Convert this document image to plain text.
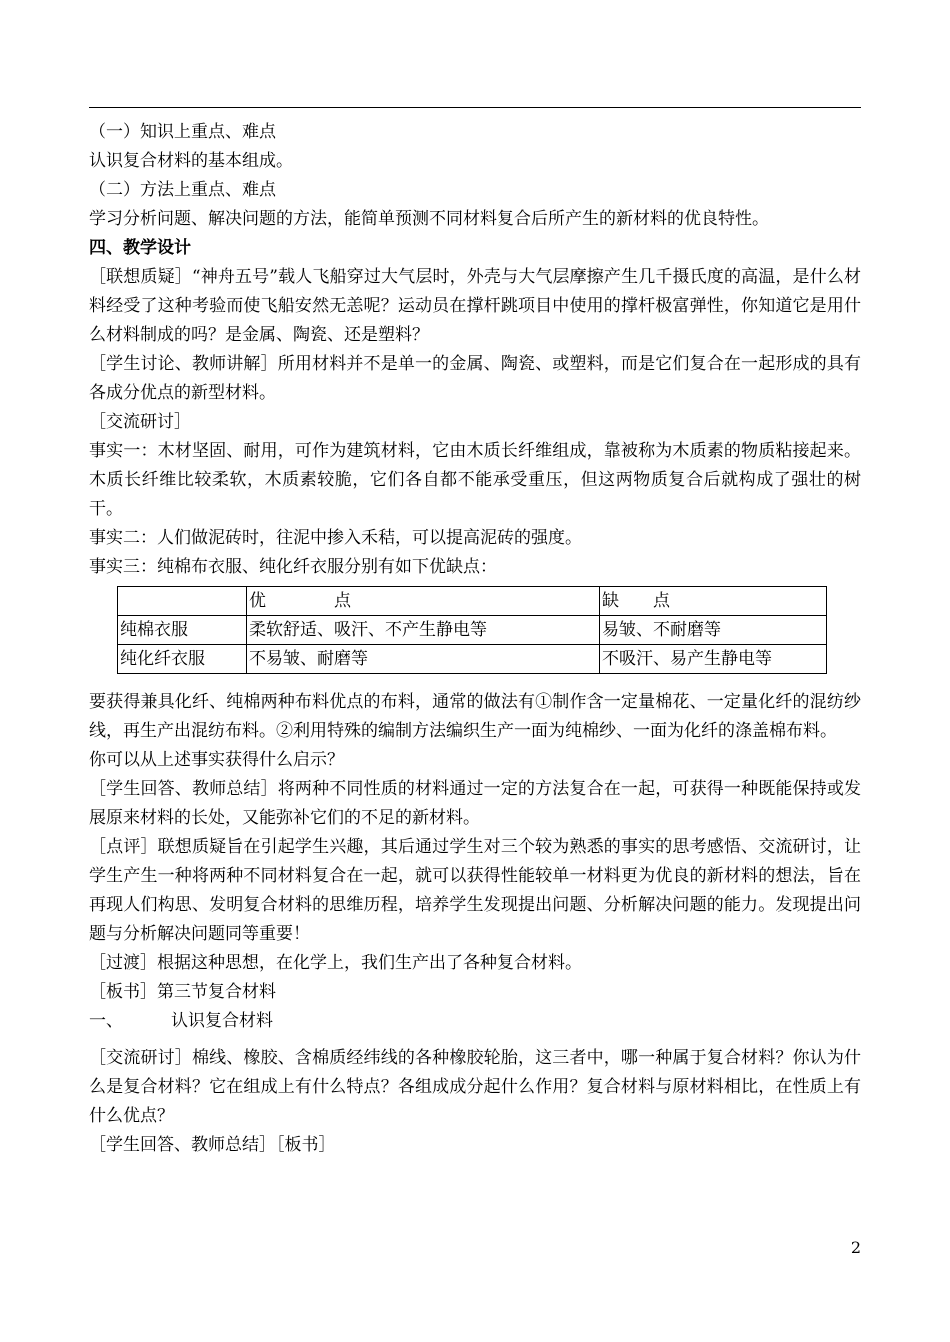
（一）知识上重点、难点

认识复合材料的基本组成。

（二）方法上重点、难点

学习分析问题、解决问题的方法，能简单预测不同材料复合后所产生的新材料的优良特性。

四、教学设计

［联想质疑］“神舟五号”载人飞船穿过大气层时，外壳与大气层摩擦产生几千摄氏度的高温，是什么材料经受了这种考验而使飞船安然无恙呢？运动员在撑杆跳项目中使用的撑杆极富弹性，你知道它是用什么材料制成的吗？是金属、陶瓷、还是塑料？

［学生讨论、教师讲解］所用材料并不是单一的金属、陶瓷、或塑料，而是它们复合在一起形成的具有各成分优点的新型材料。

［交流研讨］

事实一：木材坚固、耐用，可作为建筑材料，它由木质长纤维组成，靠被称为木质素的物质粘接起来。木质长纤维比较柔软，木质素较脆，它们各自都不能承受重压，但这两物质复合后就构成了强壮的树干。

事实二：人们做泥砖时，往泥中掺入禾秸，可以提高泥砖的强度。

事实三：纯棉布衣服、纯化纤衣服分别有如下优缺点：

	优　　　　点	缺　　点
纯棉衣服	柔软舒适、吸汗、不产生静电等	易皱、不耐磨等
纯化纤衣服	不易皱、耐磨等	不吸汗、易产生静电等

要获得兼具化纤、纯棉两种布料优点的布料，通常的做法有①制作含一定量棉花、一定量化纤的混纺纱线，再生产出混纺布料。②利用特殊的编制方法编织生产一面为纯棉纱、一面为化纤的涤盖棉布料。

你可以从上述事实获得什么启示？

［学生回答、教师总结］将两种不同性质的材料通过一定的方法复合在一起，可获得一种既能保持或发展原来材料的长处，又能弥补它们的不足的新材料。

［点评］联想质疑旨在引起学生兴趣，其后通过学生对三个较为熟悉的事实的思考感悟、交流研讨，让学生产生一种将两种不同材料复合在一起，就可以获得性能较单一材料更为优良的新材料的想法，旨在再现人们构思、发明复合材料的思维历程，培养学生发现提出问题、分析解决问题的能力。发现提出问题与分析解决问题同等重要！

［过渡］根据这种思想，在化学上，我们生产出了各种复合材料。

［板书］第三节复合材料

一、	认识复合材料

［交流研讨］棉线、橡胶、含棉质经纬线的各种橡胶轮胎，这三者中，哪一种属于复合材料？你认为什么是复合材料？它在组成上有什么特点？各组成成分起什么作用？复合材料与原材料相比，在性质上有什么优点？

［学生回答、教师总结］［板书］

2
